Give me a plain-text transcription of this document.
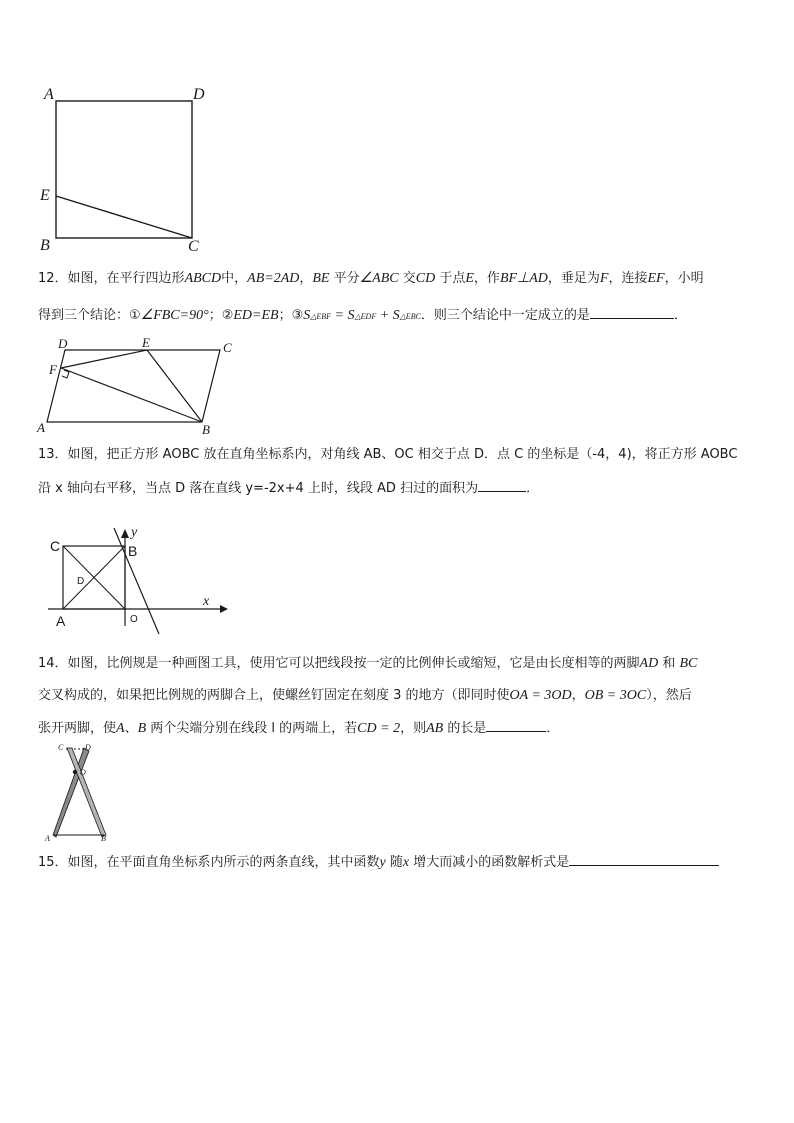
A	D
E
B	C
12．如图，在平行四边形ABCD中，AB=2AD，BE 平分∠ABC 交CD 于点E，作BF⊥AD，垂足为F，连接EF，小明
得到三个结论：①∠FBC=90°；②ED=EB；③S△EBF = S△EDF + S△EBC．则三个结论中一定成立的是	．
D	E	C
F
A	B
13．如图，把正方形 AOBC 放在直角坐标系内，对角线 AB、OC 相交于点 D．点 C 的坐标是（-4，4)，将正方形 AOBC
沿 x 轴向右平移，当点 D 落在直线 y=-2x+4 上时，线段 AD 扫过的面积为	．
C
y
B
D
x
A	O
14．如图，比例规是一种画图工具，使用它可以把线段按一定的比例伸长或缩短，它是由长度相等的两脚AD 和 BC
交叉构成的，如果把比例规的两脚合上，使螺丝钉固定在刻度 3 的地方（即同时使OA = 3OD，OB = 3OC），然后
张开两脚，使A、B 两个尖端分别在线段 l 的两端上，若CD = 2，则AB 的长是	．
C	D
O
A	B
15．如图，在平面直角坐标系内所示的两条直线，其中函数y 随x 增大而减小的函数解析式是
